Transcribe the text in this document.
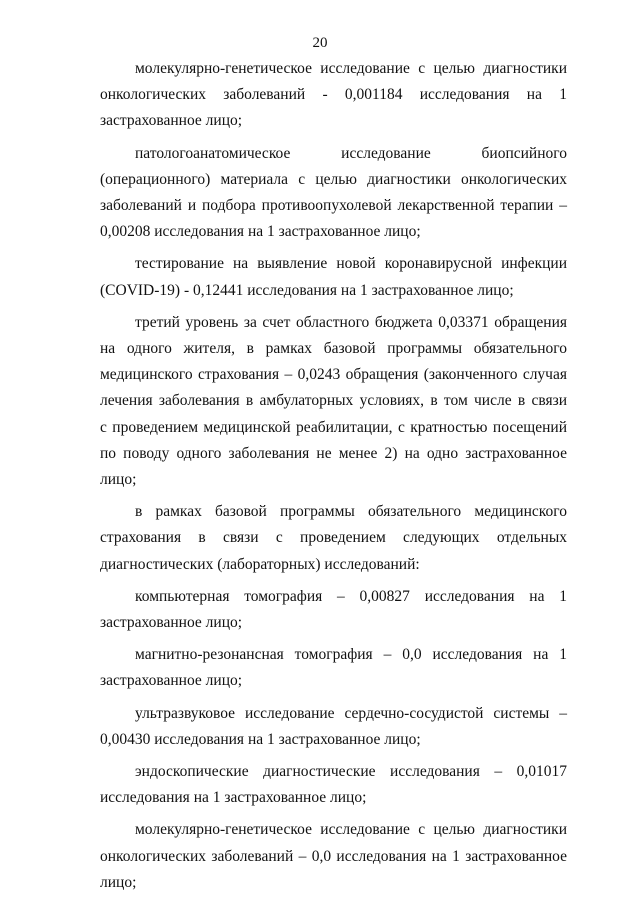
20

молекулярно-генетическое исследование с целью диагностики
онкологических заболеваний - 0,001184 исследования на 1
застрахованное лицо;

патологоанатомическое исследование биопсийного
(операционного) материала с целью диагностики онкологических
заболеваний и подбора противоопухолевой лекарственной терапии –
0,00208 исследования на 1 застрахованное лицо;

тестирование на выявление новой коронавирусной инфекции
(COVID-19) - 0,12441 исследования на 1 застрахованное лицо;

третий уровень за счет областного бюджета 0,03371 обращения
на одного жителя, в рамках базовой программы обязательного
медицинского страхования – 0,0243 обращения (законченного случая
лечения заболевания в амбулаторных условиях, в том числе в связи
с проведением медицинской реабилитации, с кратностью посещений
по поводу одного заболевания не менее 2) на одно застрахованное лицо;

в рамках базовой программы обязательного медицинского
страхования в связи с проведением следующих отдельных
диагностических (лабораторных) исследований:

компьютерная томография – 0,00827 исследования на 1
застрахованное лицо;

магнитно-резонансная томография – 0,0 исследования на 1
застрахованное лицо;

ультразвуковое исследование сердечно-сосудистой системы –
0,00430 исследования на 1 застрахованное лицо;

эндоскопические диагностические исследования – 0,01017
исследования на 1 застрахованное лицо;

молекулярно-генетическое исследование с целью диагностики
онкологических заболеваний – 0,0 исследования на 1 застрахованное
лицо;
